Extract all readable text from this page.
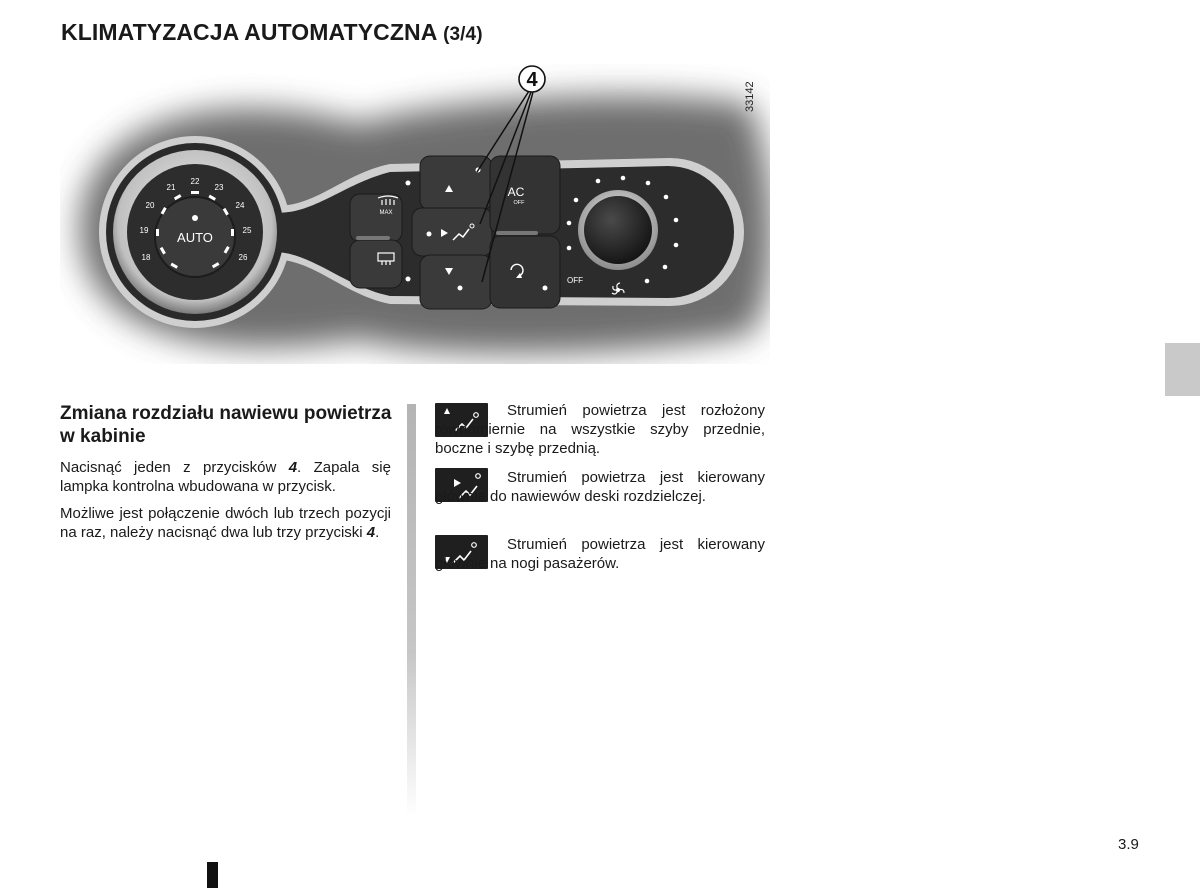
KLIMATYZACJA AUTOMATYCZNA (3/4)
AUTO
18
19
20
21
22
23
24
25
26
MAX
AC
OFF
OFF
4
33142
Zmiana rozdziału nawiewu powietrza w kabinie

Nacisnąć jeden z przycisków 4. Zapala się lampka kontrolna wbudowana w przycisk.

Możliwe jest połączenie dwóch lub trzech pozycji na raz, należy nacisnąć dwa lub trzy przyciski 4.

Strumień powietrza jest rozłożony równomiernie na wszystkie szyby przednie, boczne i szybę przednią.

Strumień powietrza jest kierowany głównie do nawiewów deski rozdzielczej.

Strumień powietrza jest kierowany głównie na nogi pasażerów.

3.9
